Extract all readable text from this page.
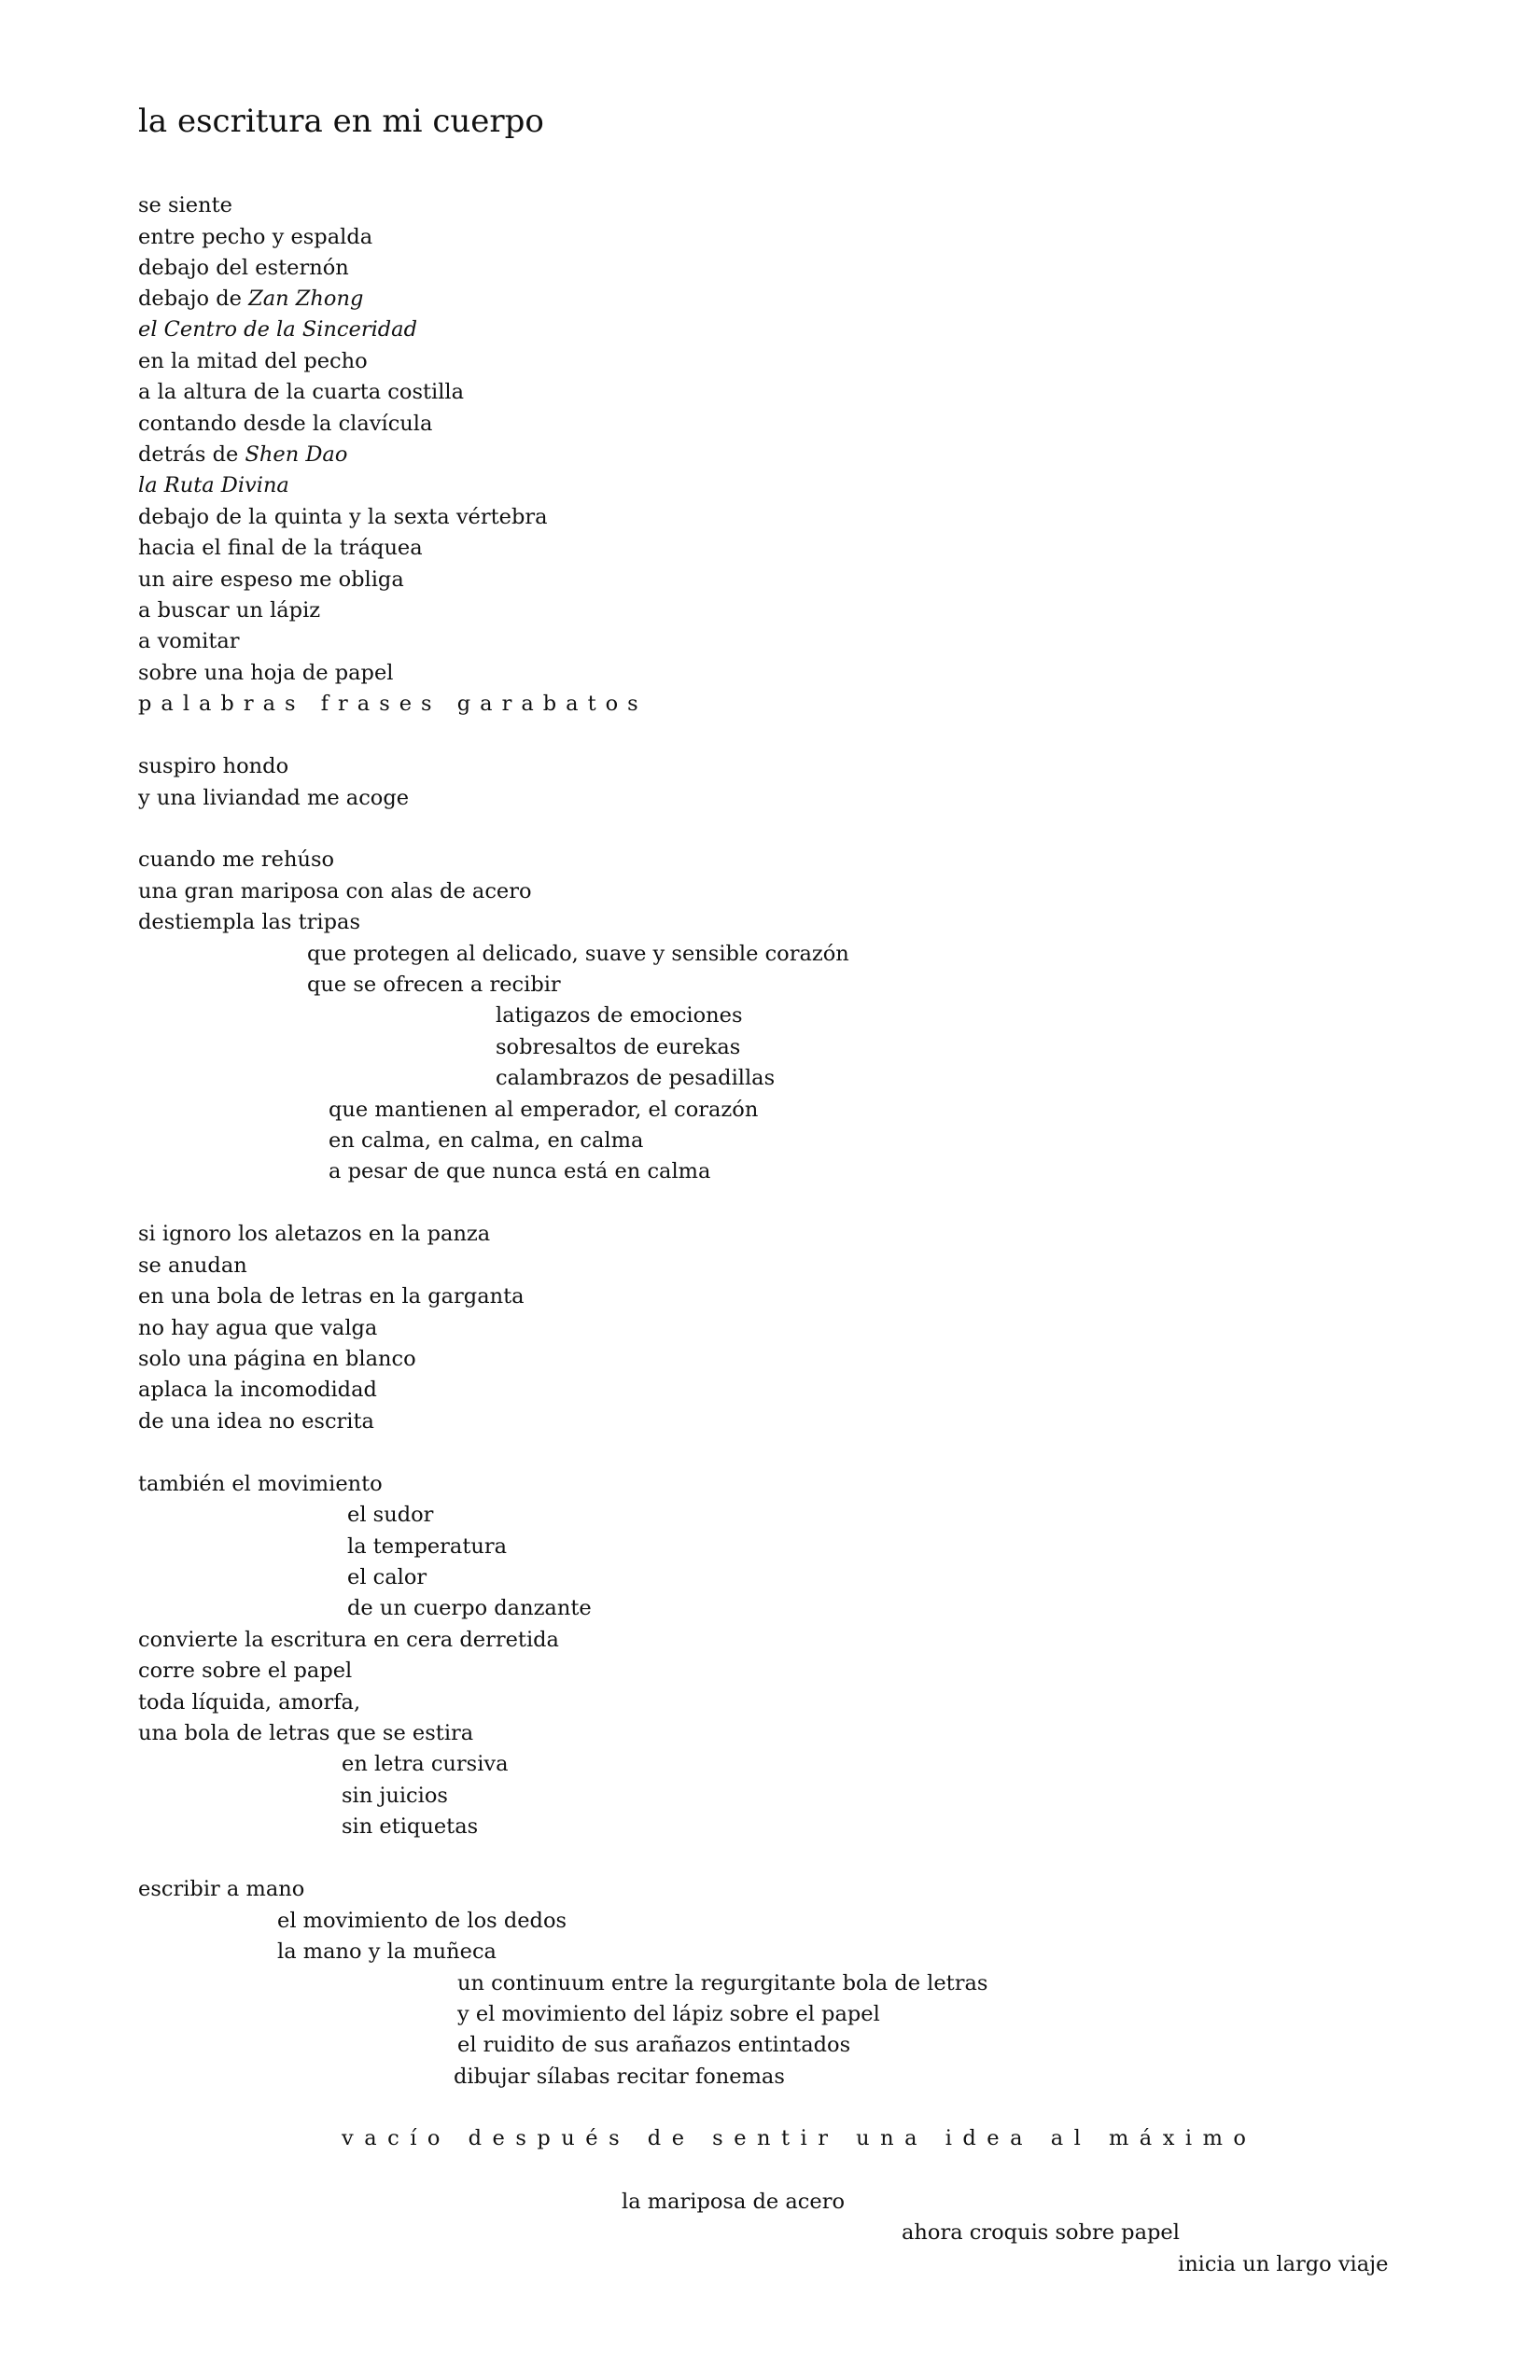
la escritura en mi cuerpo
se siente
entre pecho y espalda
debajo del esternón
debajo de Zan Zhong
el Centro de la Sinceridad
en la mitad del pecho
a la altura de la cuarta costilla
contando desde la clavícula
detrás de Shen Dao
la Ruta Divina
debajo de la quinta y la sexta vértebra
hacia el final de la tráquea
un aire espeso me obliga
a buscar un lápiz
a vomitar
sobre una hoja de papel
palabras frases garabatos
suspiro hondo
y una liviandad me acoge
cuando me rehúso
una gran mariposa con alas de acero
destiempla las tripas
que protegen al delicado, suave y sensible corazón
que se ofrecen a recibir
latigazos de emociones
sobresaltos de eurekas
calambrazos de pesadillas
que mantienen al emperador, el corazón
en calma, en calma, en calma
a pesar de que nunca está en calma
si ignoro los aletazos en la panza
se anudan
en una bola de letras en la garganta
no hay agua que valga
solo una página en blanco
aplaca la incomodidad
de una idea no escrita
también el movimiento
el sudor
la temperatura
el calor
de un cuerpo danzante
convierte la escritura en cera derretida
corre sobre el papel
toda líquida, amorfa,
una bola de letras que se estira
en letra cursiva
sin juicios
sin etiquetas
escribir a mano
el movimiento de los dedos
la mano y la muñeca
un continuum entre la regurgitante bola de letras
y el movimiento del lápiz sobre el papel
el ruidito de sus arañazos entintados
dibujar sílabas recitar fonemas
vacío después de sentir una idea al máximo
la mariposa de acero
ahora croquis sobre papel
inicia un largo viaje
